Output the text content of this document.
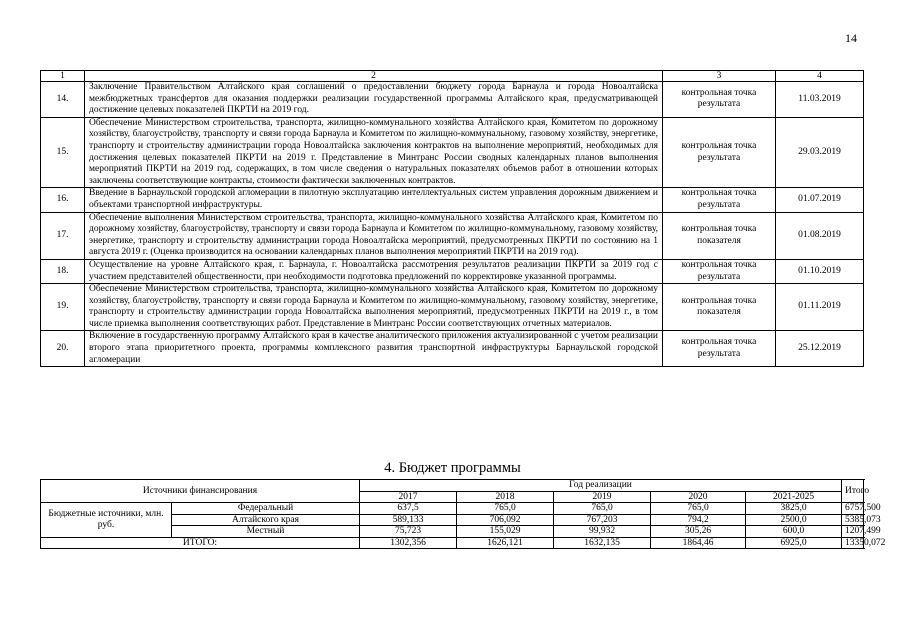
14
1	2	3	4
14.	Заключение Правительством Алтайского края соглашений о предоставлении бюджету города Барнаула и города Новоалтайска межбюджетных трансфертов для оказания поддержки реализации государственной программы Алтайского края, предусматривающей достижение целевых показателей ПКРТИ на 2019 год.	контрольная точка результата	11.03.2019
15.	Обеспечение Министерством строительства, транспорта, жилищно-коммунального хозяйства Алтайского края, Комитетом по дорожному хозяйству, благоустройству, транспорту и связи города Барнаула и Комитетом по жилищно-коммунальному, газовому хозяйству, энергетике, транспорту и строительству администрации города Новоалтайска заключения контрактов на выполнение мероприятий, необходимых для достижения целевых показателей ПКРТИ на 2019 г. Представление в Минтранс России сводных календарных планов выполнения мероприятий ПКРТИ на 2019 год, содержащих, в том числе сведения о натуральных показателях объемов работ в отношении которых заключены соответствующие контракты, стоимости фактически заключенных контрактов.	контрольная точка результата	29.03.2019
16.	Введение в Барнаульской городской агломерации в пилотную эксплуатацию интеллектуальных систем управления дорожным движением и объектами транспортной инфраструктуры.	контрольная точка результата	01.07.2019
17.	Обеспечение выполнения Министерством строительства, транспорта, жилищно-коммунального хозяйства Алтайского края, Комитетом по дорожному хозяйству, благоустройству, транспорту и связи города Барнаула и Комитетом по жилищно-коммунальному, газовому хозяйству, энергетике, транспорту и строительству администрации города Новоалтайска мероприятий, предусмотренных ПКРТИ по состоянию на 1 августа 2019 г. (Оценка производится на основании календарных планов выполнения мероприятий ПКРТИ на 2019 год).	контрольная точка показателя	01.08.2019
18.	Осуществление на уровне Алтайского края, г. Барнаула, г. Новоалтайска рассмотрения результатов реализации ПКРТИ за 2019 год с участием представителей общественности, при необходимости подготовка предложений по корректировке указанной программы.	контрольная точка результата	01.10.2019
19.	Обеспечение Министерством строительства, транспорта, жилищно-коммунального хозяйства Алтайского края, Комитетом по дорожному хозяйству, благоустройству, транспорту и связи города Барнаула и Комитетом по жилищно-коммунальному, газовому хозяйству, энергетике, транспорту и строительству администрации города Новоалтайска выполнения мероприятий, предусмотренных ПКРТИ на 2019 г., в том числе приемка выполнения соответствующих работ. Представление в Минтранс России соответствующих отчетных материалов.	контрольная точка показателя	01.11.2019
20.	Включение в государственную программу Алтайского края в качестве аналитического приложения актуализированной с учетом реализации второго этапа приоритетного проекта, программы комплексного развития транспортной инфраструктуры Барнаульской городской агломерации	контрольная точка результата	25.12.2019
4. Бюджет программы
Источники финансирования		Год реализации					Итого
		2017	2018	2019	2020	2021-2025	
Бюджетные источники, млн. руб.	Федеральный	637,5	765,0	765,0	765,0	3825,0	6757,500
	Алтайского края	589,133	706,092	767,203	794,2	2500,0	5385,073
	Местный	75,723	155,029	99,932	305,26	600,0	1207,499
ИТОГО:		1302,356	1626,121	1632,135	1864,46	6925,0	13350,072
